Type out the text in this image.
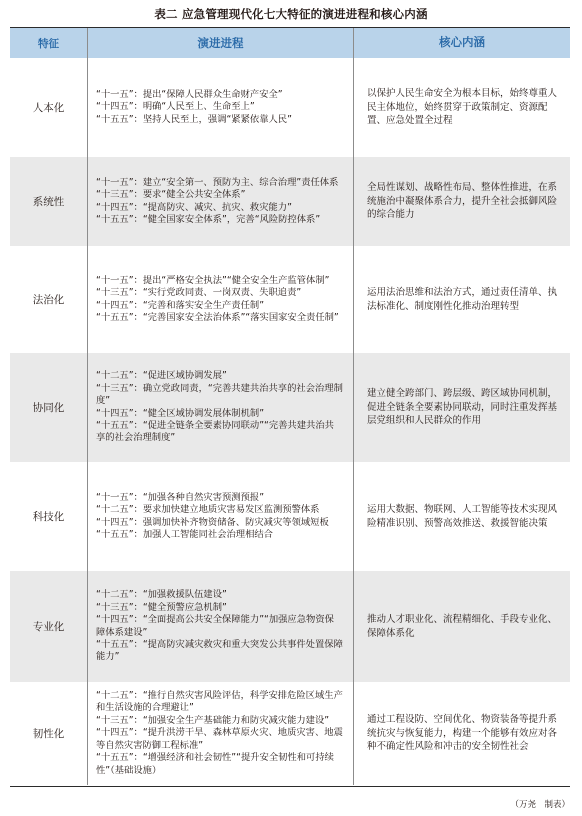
表二 应急管理现代化七大特征的演进进程和核心内涵
特征	演进进程	核心内涵
人本化
“十一五”：提出“保障人民群众生命财产安全”
“十四五”：明确“人民至上、生命至上”
“十五五”：坚持人民至上，强调“紧紧依靠人民”
以保护人民生命安全为根本目标，始终尊重人民主体地位，始终贯穿于政策制定、资源配置、应急处置全过程
系统性
“十一五”：建立“安全第一、预防为主、综合治理”责任体系
“十三五”：要求“健全公共安全体系”
“十四五”：“提高防灾、减灾、抗灾、救灾能力”
“十五五”：“健全国家安全体系”，完善“风险防控体系”
全局性谋划、战略性布局、整体性推进，在系统施治中凝聚体系合力，提升全社会抵御风险的综合能力
法治化
“十一五”：提出“严格安全执法”“健全安全生产监管体制”
“十三五”：“实行党政同责、一岗双责、失职追责”
“十四五”：“完善和落实安全生产责任制”
“十五五”：“完善国家安全法治体系”“落实国家安全责任制”
运用法治思维和法治方式，通过责任清单、执法标准化、制度刚性化推动治理转型
协同化
“十二五”：“促进区域协调发展”
“十三五”：确立党政同责，“完善共建共治共享的社会治理制度”
“十四五”：“健全区域协调发展体制机制”
“十五五”：“促进全链条全要素协同联动”“完善共建共治共享的社会治理制度”
建立健全跨部门、跨层级、跨区域协同机制，促进全链条全要素协同联动，同时注重发挥基层党组织和人民群众的作用
科技化
“十一五”：“加强各种自然灾害预测预报”
“十二五”：要求加快建立地质灾害易发区监测预警体系
“十四五”：强调加快补齐物资储备、防灾减灾等领域短板
“十五五”：加强人工智能同社会治理相结合
运用大数据、物联网、人工智能等技术实现风险精准识别、预警高效推送、救援智能决策
专业化
“十二五”：“加强救援队伍建设”
“十三五”：“健全预警应急机制”
“十四五”：“全面提高公共安全保障能力”“加强应急物资保障体系建设”
“十五五”：“提高防灾减灾救灾和重大突发公共事件处置保障能力”
推动人才职业化、流程精细化、手段专业化、保障体系化
韧性化
“十二五”：“推行自然灾害风险评估，科学安排危险区域生产和生活设施的合理避让”
“十三五”：“加强安全生产基础能力和防灾减灾能力建设”
“十四五”：“提升洪涝干旱、森林草原火灾、地质灾害、地震等自然灾害防御工程标准”
“十五五”：“增强经济和社会韧性”“提升安全韧性和可持续性”（基础设施）
通过工程设防、空间优化、物资装备等提升系统抗灾与恢复能力，构建一个能够有效应对各种不确定性风险和冲击的安全韧性社会
（万尧　制表）
